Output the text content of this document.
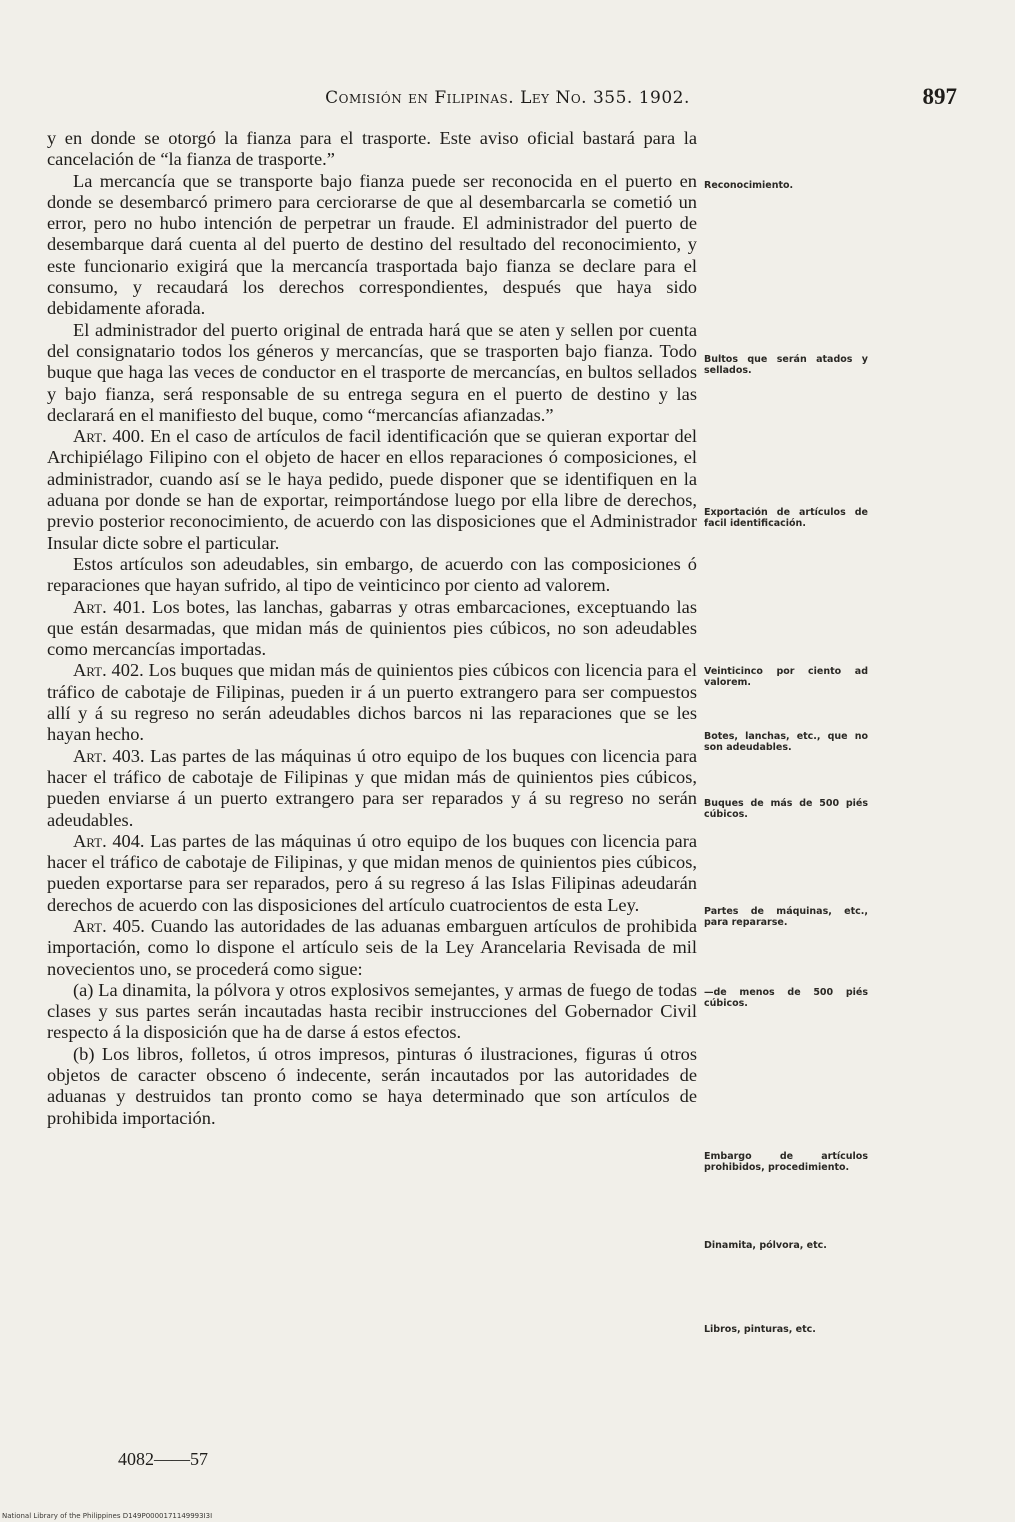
Comisión en Filipinas. Ley No. 355. 1902.	897

y en donde se otorgó la fianza para el trasporte. Este aviso oficial bastará para la cancelación de “la fianza de trasporte.”

La mercancía que se transporte bajo fianza puede ser reconocida en el puerto en donde se desembarcó primero para cerciorarse de que al desembarcarla se cometió un error, pero no hubo intención de perpetrar un fraude. El administrador del puerto de desembarque dará cuenta al del puerto de destino del resultado del reconocimiento, y este funcionario exigirá que la mercancía trasportada bajo fianza se declare para el consumo, y recaudará los derechos correspondientes, después que haya sido debidamente aforada.

El administrador del puerto original de entrada hará que se aten y sellen por cuenta del consignatario todos los géneros y mercancías, que se trasporten bajo fianza. Todo buque que haga las veces de conductor en el trasporte de mercancías, en bultos sellados y bajo fianza, será responsable de su entrega segura en el puerto de destino y las declarará en el manifiesto del buque, como “mercancías afianzadas.”

Art. 400. En el caso de artículos de facil identificación que se quieran exportar del Archipiélago Filipino con el objeto de hacer en ellos reparaciones ó composiciones, el administrador, cuando así se le haya pedido, puede disponer que se identifiquen en la aduana por donde se han de exportar, reimportándose luego por ella libre de derechos, previo posterior reconocimiento, de acuerdo con las disposiciones que el Administrador Insular dicte sobre el particular.

Estos artículos son adeudables, sin embargo, de acuerdo con las composiciones ó reparaciones que hayan sufrido, al tipo de veinticinco por ciento ad valorem.

Art. 401. Los botes, las lanchas, gabarras y otras embarcaciones, exceptuando las que están desarmadas, que midan más de quinientos pies cúbicos, no son adeudables como mercancías importadas.

Art. 402. Los buques que midan más de quinientos pies cúbicos con licencia para el tráfico de cabotaje de Filipinas, pueden ir á un puerto extrangero para ser compuestos allí y á su regreso no serán adeudables dichos barcos ni las reparaciones que se les hayan hecho.

Art. 403. Las partes de las máquinas ú otro equipo de los buques con licencia para hacer el tráfico de cabotaje de Filipinas y que midan más de quinientos pies cúbicos, pueden enviarse á un puerto extrangero para ser reparados y á su regreso no serán adeudables.

Art. 404. Las partes de las máquinas ú otro equipo de los buques con licencia para hacer el tráfico de cabotaje de Filipinas, y que midan menos de quinientos pies cúbicos, pueden exportarse para ser reparados, pero á su regreso á las Islas Filipinas adeudarán derechos de acuerdo con las disposiciones del artículo cuatrocientos de esta Ley.

Art. 405. Cuando las autoridades de las aduanas embarguen artículos de prohibida importación, como lo dispone el artículo seis de la Ley Arancelaria Revisada de mil novecientos uno, se procederá como sigue:

(a) La dinamita, la pólvora y otros explosivos semejantes, y armas de fuego de todas clases y sus partes serán incautadas hasta recibir instrucciones del Gobernador Civil respecto á la disposición que ha de darse á estos efectos.

(b) Los libros, folletos, ú otros impresos, pinturas ó ilustraciones, figuras ú otros objetos de caracter obsceno ó indecente, serán incautados por las autoridades de aduanas y destruidos tan pronto como se haya determinado que son artículos de prohibida importación.

Reconocimiento.
Bultos que serán atados y sellados.
Exportación de artículos de facil identificación.
Veinticinco por ciento ad valorem.
Botes, lanchas, etc., que no son adeudables.
Buques de más de 500 piés cúbicos.
Partes de máquinas, etc., para repararse.
—de menos de 500 piés cúbicos.
Embargo de artículos prohibidos, procedimiento.
Dinamita, pólvora, etc.
Libros, pinturas, etc.
4082——57
National Library of the Philippines D149P0000171149993I3I
